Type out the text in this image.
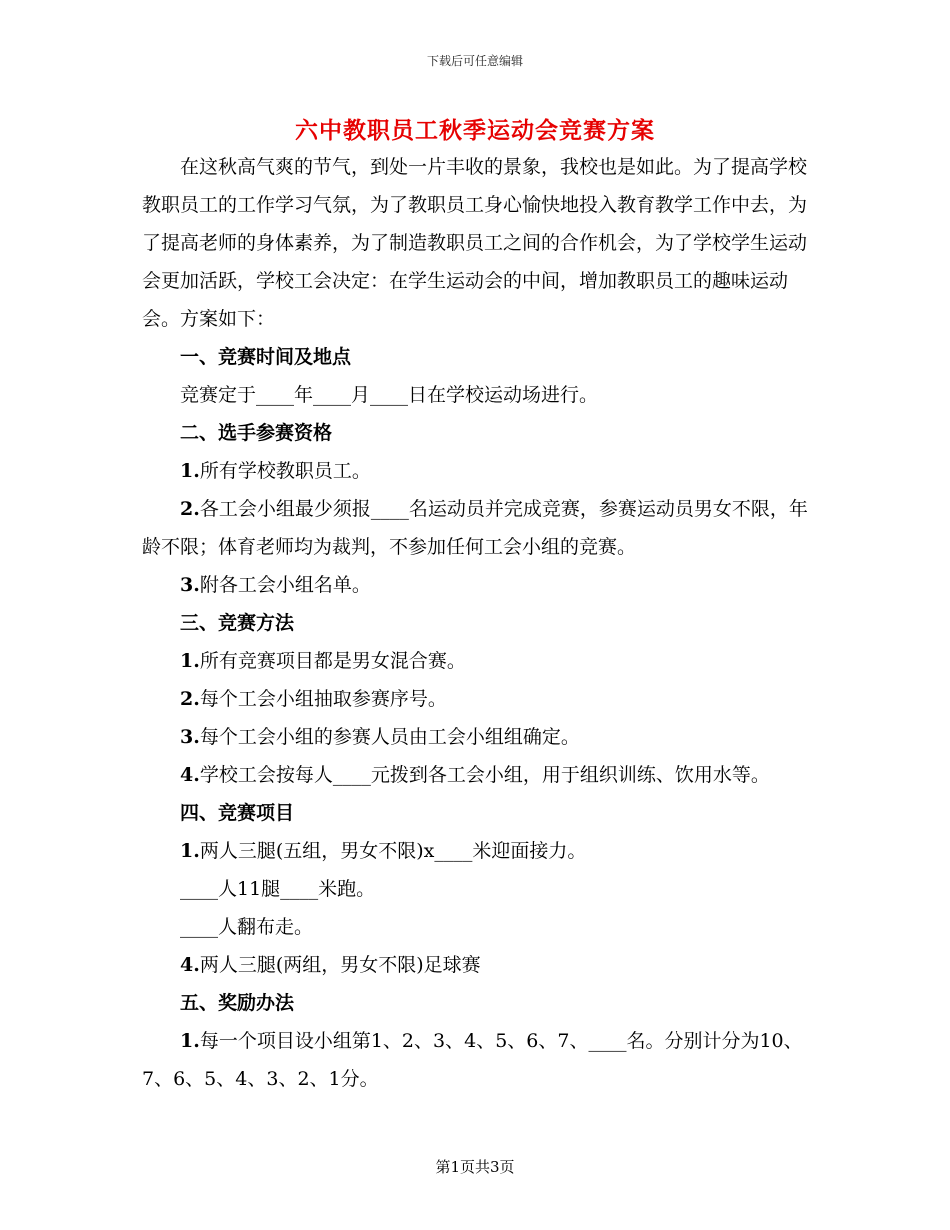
下载后可任意编辑
六中教职员工秋季运动会竞赛方案

在这秋高气爽的节气，到处一片丰收的景象，我校也是如此。为了提高学校教职员工的工作学习气氛，为了教职员工身心愉快地投入教育教学工作中去，为了提高老师的身体素养，为了制造教职员工之间的合作机会，为了学校学生运动会更加活跃，学校工会决定：在学生运动会的中间，增加教职员工的趣味运动会。方案如下：

一、竞赛时间及地点

竞赛定于____年____月____日在学校运动场进行。

二、选手参赛资格

1.所有学校教职员工。

2.各工会小组最少须报____名运动员并完成竞赛，参赛运动员男女不限，年龄不限；体育老师均为裁判，不参加任何工会小组的竞赛。

3.附各工会小组名单。

三、竞赛方法

1.所有竞赛项目都是男女混合赛。

2.每个工会小组抽取参赛序号。

3.每个工会小组的参赛人员由工会小组组确定。

4.学校工会按每人____元拨到各工会小组，用于组织训练、饮用水等。

四、竞赛项目

1.两人三腿(五组，男女不限)x____米迎面接力。

____人11腿____米跑。

____人翻布走。

4.两人三腿(两组，男女不限)足球赛

五、奖励办法

1.每一个项目设小组第1、2、3、4、5、6、7、____名。分别计分为10、7、6、5、4、3、2、1分。

第1页共3页
